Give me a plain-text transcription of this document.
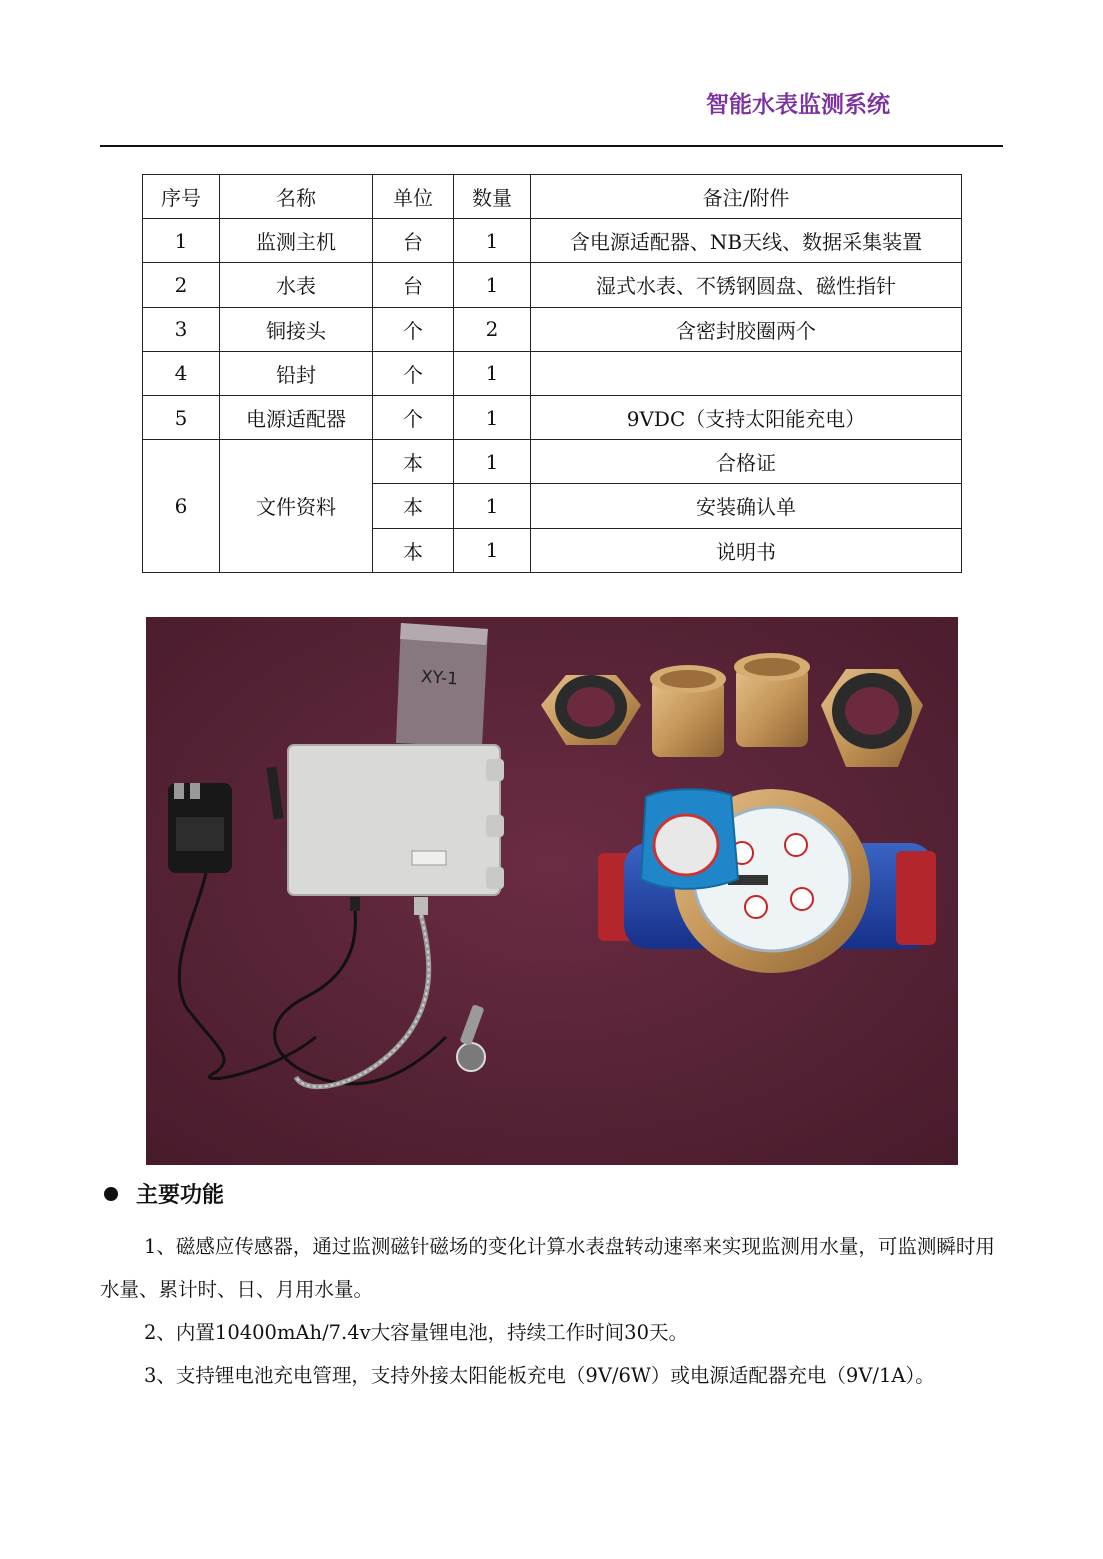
智能水表监测系统
序号	名称	单位	数量	备注/附件
1	监测主机	台	1	含电源适配器、NB天线、数据采集装置
2	水表	台	1	湿式水表、不锈钢圆盘、磁性指针
3	铜接头	个	2	含密封胶圈两个
4	铅封	个	1	
5	电源适配器	个	1	9VDC（支持太阳能充电）
6	文件资料	本	1	合格证
		本	1	安装确认单
		本	1	说明书
XY-1
主要功能

1、磁感应传感器，通过监测磁针磁场的变化计算水表盘转动速率来实现监测用水量，可监测瞬时用水量、累计时、日、月用水量。

2、内置10400mAh/7.4v大容量锂电池，持续工作时间30天。

3、支持锂电池充电管理，支持外接太阳能板充电（9V/6W）或电源适配器充电（9V/1A）。
